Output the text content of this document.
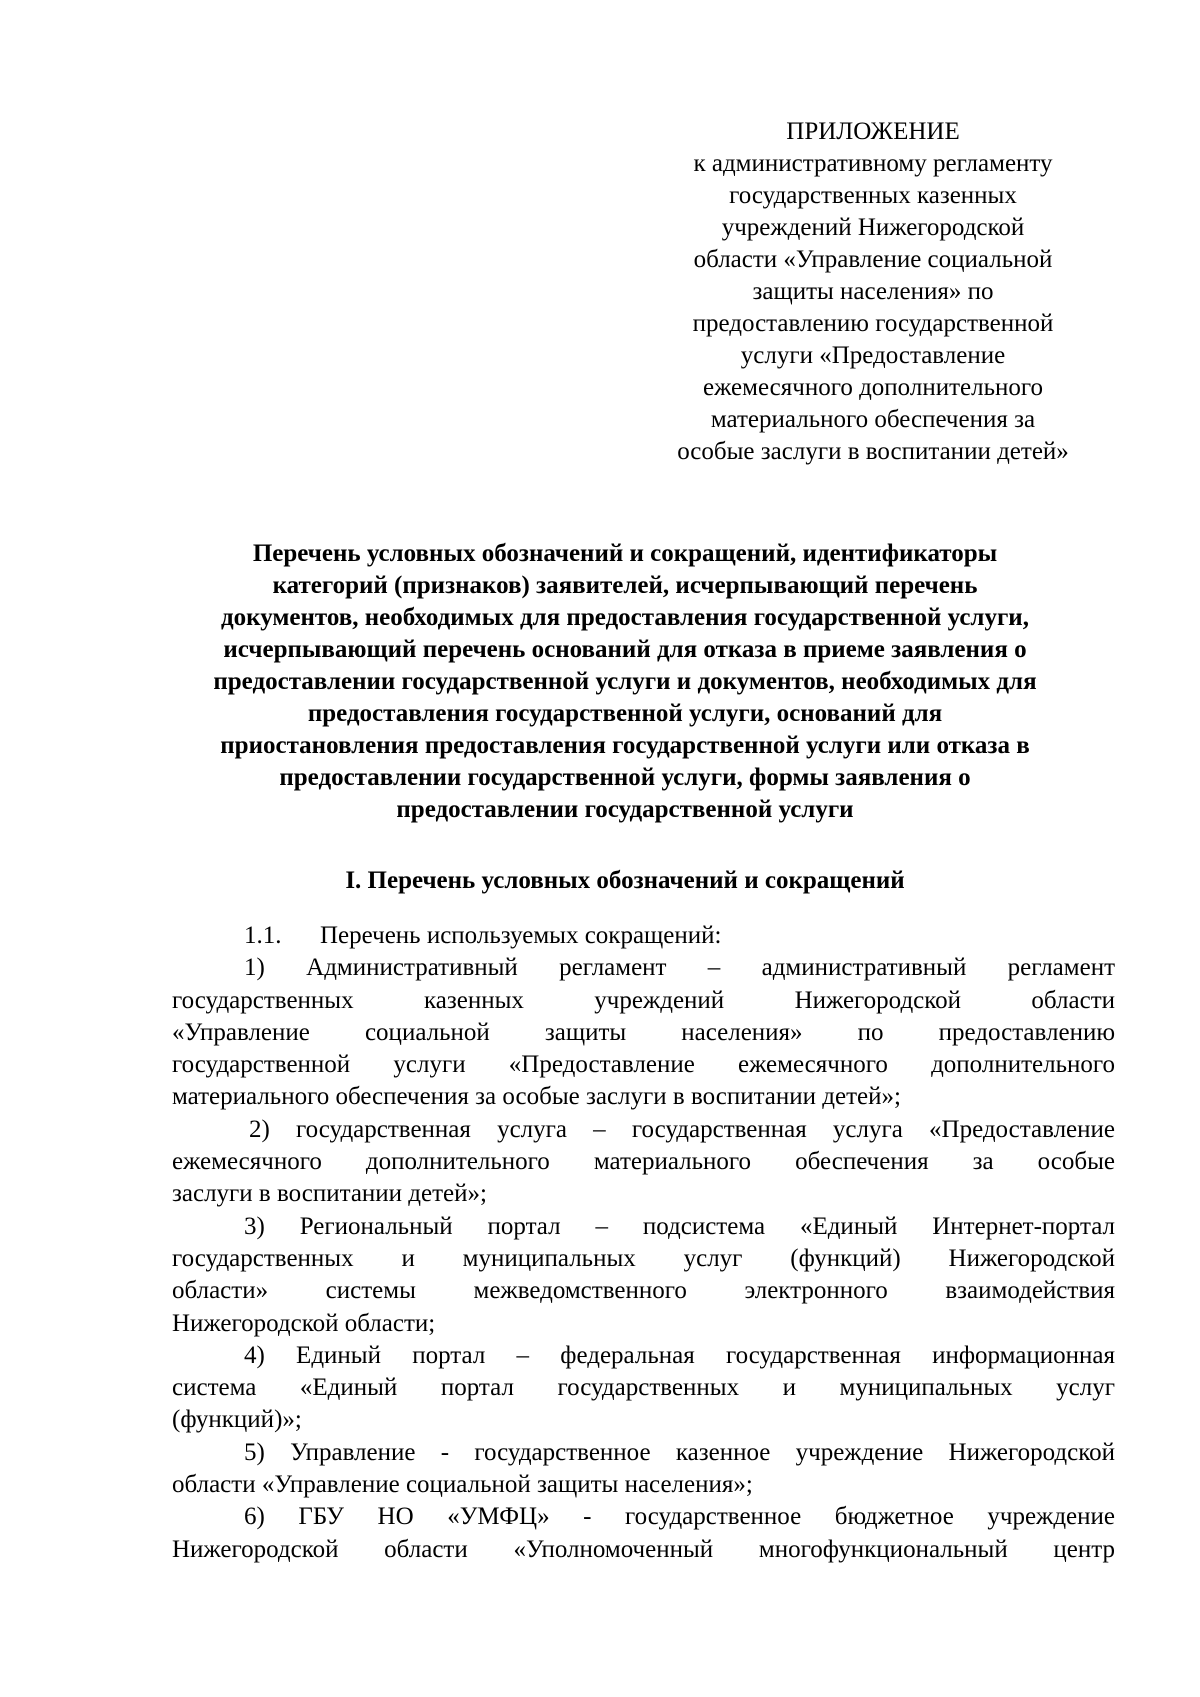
ПРИЛОЖЕНИЕ
к административному регламенту
государственных казенных
учреждений Нижегородской
области «Управление социальной
защиты населения» по
предоставлению государственной
услуги «Предоставление
ежемесячного дополнительного
материального обеспечения за
особые заслуги в воспитании детей»
Перечень условных обозначений и сокращений, идентификаторы
категорий (признаков) заявителей, исчерпывающий перечень
документов, необходимых для предоставления государственной услуги,
исчерпывающий перечень оснований для отказа в приеме заявления о
предоставлении государственной услуги и документов, необходимых для
предоставления государственной услуги, оснований для
приостановления предоставления государственной услуги или отказа в
предоставлении государственной услуги, формы заявления о
предоставлении государственной услуги
I. Перечень условных обозначений и сокращений
1.1. Перечень используемых сокращений:
1) Административный регламент – административный регламент
государственных казенных учреждений Нижегородской области
«Управление социальной защиты населения» по предоставлению
государственной услуги «Предоставление ежемесячного дополнительного
материального обеспечения за особые заслуги в воспитании детей»;
2) государственная услуга – государственная услуга «Предоставление
ежемесячного дополнительного материального обеспечения за особые
заслуги в воспитании детей»;
3) Региональный портал – подсистема «Единый Интернет-портал
государственных и муниципальных услуг (функций) Нижегородской
области» системы межведомственного электронного взаимодействия
Нижегородской области;
4) Единый портал – федеральная государственная информационная
система «Единый портал государственных и муниципальных услуг
(функций)»;
5) Управление - государственное казенное учреждение Нижегородской
области «Управление социальной защиты населения»;
6) ГБУ НО «УМФЦ» - государственное бюджетное учреждение
Нижегородской области «Уполномоченный многофункциональный центр
